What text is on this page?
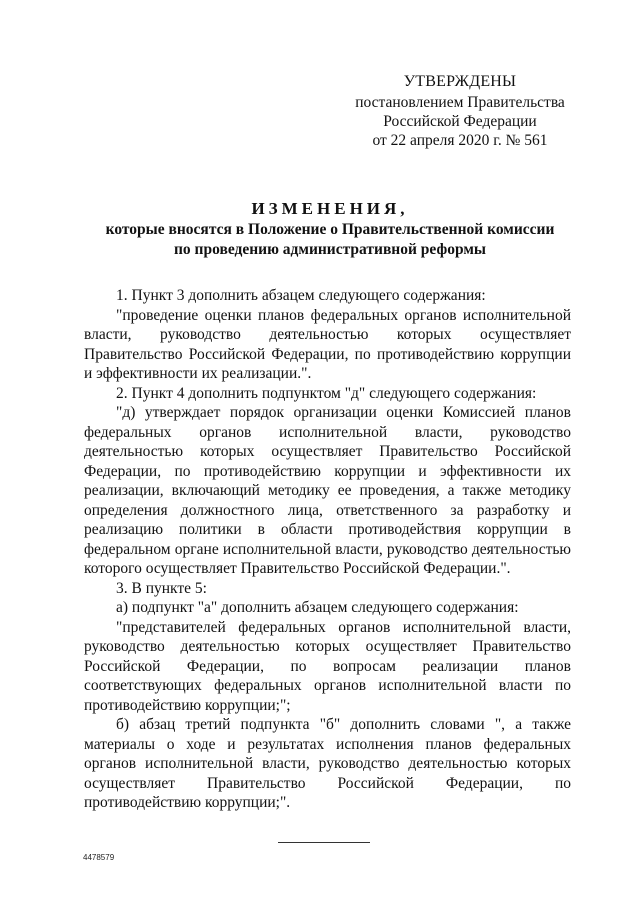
УТВЕРЖДЕНЫ
постановлением Правительства
Российской Федерации
от 22 апреля 2020 г. № 561
ИЗМЕНЕНИЯ,
которые вносятся в Положение о Правительственной комиссии
по проведению административной реформы

1. Пункт 3 дополнить абзацем следующего содержания:

"проведение оценки планов федеральных органов исполнительной власти, руководство деятельностью которых осуществляет Правительство Российской Федерации, по противодействию коррупции и эффективности их реализации.".

2. Пункт 4 дополнить подпунктом "д" следующего содержания:

"д) утверждает порядок организации оценки Комиссией планов федеральных органов исполнительной власти, руководство деятельностью которых осуществляет Правительство Российской Федерации, по противодействию коррупции и эффективности их реализации, включающий методику ее проведения, а также методику определения должностного лица, ответственного за разработку и реализацию политики в области противодействия коррупции в федеральном органе исполнительной власти, руководство деятельностью которого осуществляет Правительство Российской Федерации.".

3. В пункте 5:

а) подпункт "а" дополнить абзацем следующего содержания:

"представителей федеральных органов исполнительной власти, руководство деятельностью которых осуществляет Правительство Российской Федерации, по вопросам реализации планов соответствующих федеральных органов исполнительной власти по противодействию коррупции;";

б) абзац третий подпункта "б" дополнить словами ", а также материалы о ходе и результатах исполнения планов федеральных органов исполнительной власти, руководство деятельностью которых осуществляет Правительство Российской Федерации, по противодействию коррупции;".

4478579
